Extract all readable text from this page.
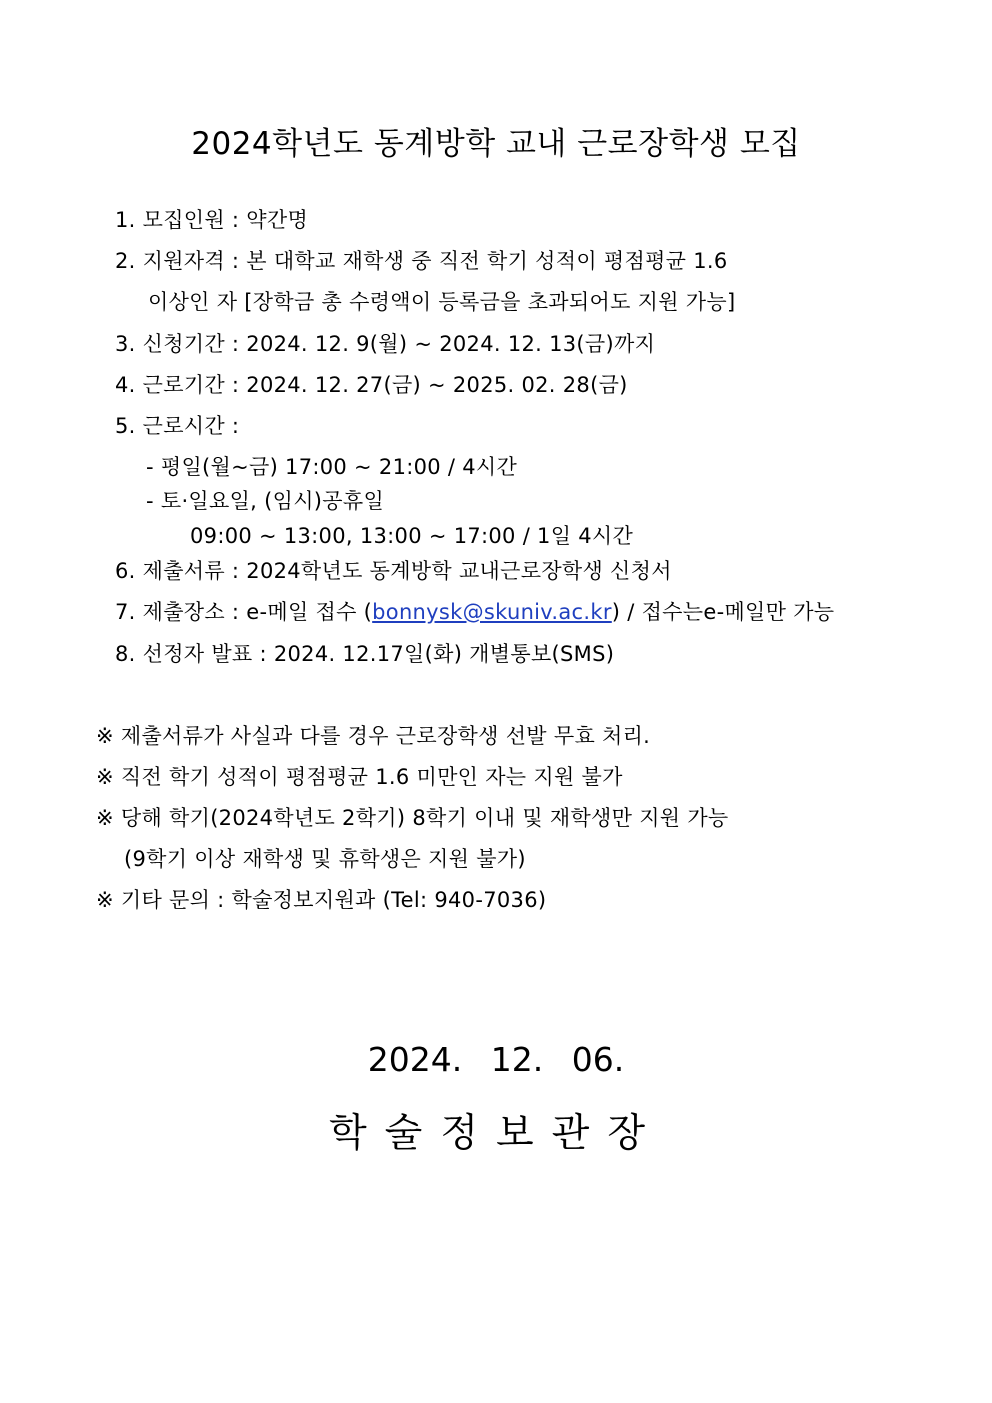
2024학년도 동계방학 교내 근로장학생 모집
1. 모집인원 : 약간명
2. 지원자격 : 본 대학교 재학생 중 직전 학기 성적이 평점평균 1.6
이상인 자 [장학금 총 수령액이 등록금을 초과되어도 지원 가능]
3. 신청기간 : 2024. 12. 9(월) ~ 2024. 12. 13(금)까지
4. 근로기간 : 2024. 12. 27(금) ~ 2025. 02. 28(금)
5. 근로시간 :
- 평일(월~금) 17:00 ~ 21:00 / 4시간
- 토·일요일, (임시)공휴일
09:00 ~ 13:00, 13:00 ~ 17:00 / 1일 4시간
6. 제출서류 : 2024학년도 동계방학 교내근로장학생 신청서
7. 제출장소 : e-메일 접수 (bonnysk@skuniv.ac.kr) / 접수는e-메일만 가능
8. 선정자 발표 : 2024. 12.17일(화) 개별통보(SMS)
※ 제출서류가 사실과 다를 경우 근로장학생 선발 무효 처리.
※ 직전 학기 성적이 평점평균 1.6 미만인 자는 지원 불가
※ 당해 학기(2024학년도 2학기) 8학기 이내 및 재학생만 지원 가능
(9학기 이상 재학생 및 휴학생은 지원 불가)
※ 기타 문의 : 학술정보지원과 (Tel: 940-7036)
2024. 12. 06.
학술정보관장
